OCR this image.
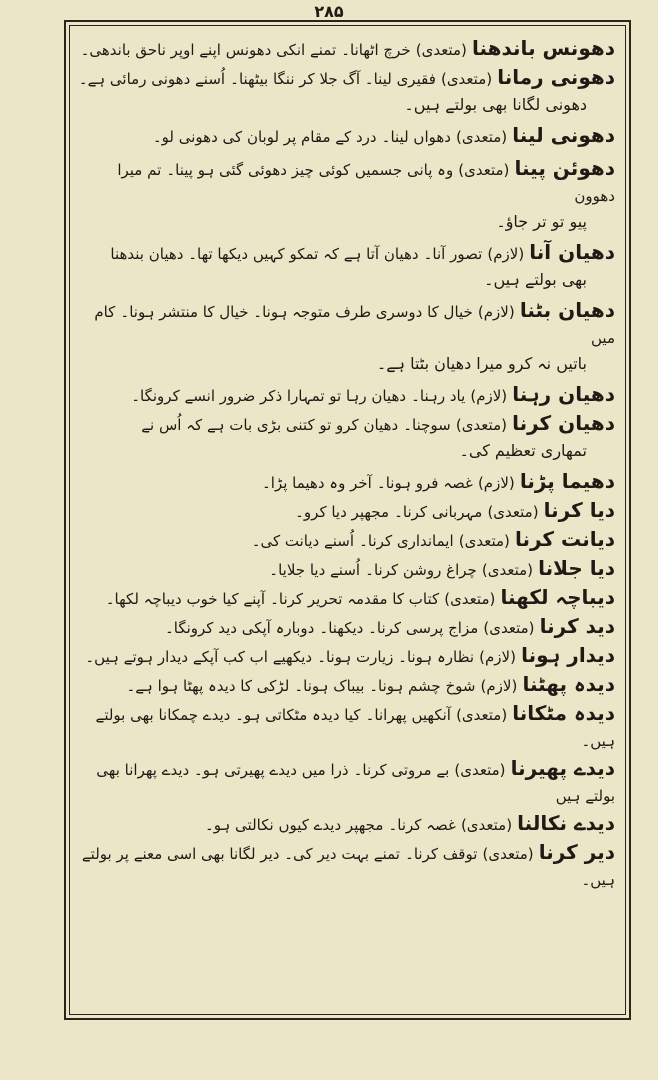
۲۸۵

دھونس باندھنا (متعدی) خرچ اٹھانا۔ تمنے انکی دھونس اپنے اوپر ناحق باندھی۔

دھونی رمانا (متعدی) فقیری لینا۔ آگ جلا کر ننگا بیٹھنا۔ اُسنے دھونی رمائی ہے۔

دھونی لگانا بھی بولتے ہیں۔

دھونی لینا (متعدی) دھواں لینا۔ درد کے مقام پر لوبان کی دھونی لو۔

دھوئن پینا (متعدی) وہ پانی جسمیں کوئی چیز دھوئی گئی ہو پینا۔ تم میرا دھوون

پیو تو تر جاؤ۔

دھیان آنا (لازم) تصور آنا۔ دھیان آتا ہے کہ تمکو کہیں دیکھا تھا۔ دھیان بندھنا

بھی بولتے ہیں۔

دھیان بٹنا (لازم) خیال کا دوسری طرف متوجہ ہونا۔ خیال کا منتشر ہونا۔ کام میں

باتیں نہ کرو میرا دھیان بٹتا ہے۔

دھیان رہنا (لازم) یاد رہنا۔ دھیان رہا تو تمہارا ذکر ضرور انسے کرونگا۔

دھیان کرنا (متعدی) سوچنا۔ دھیان کرو تو کتنی بڑی بات ہے کہ اُس نے

تمھاری تعظیم کی۔

دھیما پڑنا (لازم) غصہ فرو ہونا۔ آخر وہ دھیما پڑا۔

دیا کرنا (متعدی) مہربانی کرنا۔ مجھپر دیا کرو۔

دیانت کرنا (متعدی) ایمانداری کرنا۔ اُسنے دیانت کی۔

دیا جلانا (متعدی) چراغ روشن کرنا۔ اُسنے دیا جلایا۔

دیباچہ لکھنا (متعدی) کتاب کا مقدمہ تحریر کرنا۔ آپنے کیا خوب دیباچہ لکھا۔

دید کرنا (متعدی) مزاج پرسی کرنا۔ دیکھنا۔ دوبارہ آپکی دید کرونگا۔

دیدار ہونا (لازم) نظارہ ہونا۔ زیارت ہونا۔ دیکھیے اب کب آپکے دیدار ہوتے ہیں۔

دیدہ پھٹنا (لازم) شوخ چشم ہونا۔ بیباک ہونا۔ لڑکی کا دیدہ پھٹا ہوا ہے۔

دیدہ مٹکانا (متعدی) آنکھیں پھرانا۔ کیا دیدہ مٹکاتی ہو۔ دیدے چمکانا بھی بولتے ہیں۔

دیدے پھیرنا (متعدی) بے مروتی کرنا۔ ذرا میں دیدے پھیرتی ہو۔ دیدے پھرانا بھی بولتے ہیں

دیدے نکالنا (متعدی) غصہ کرنا۔ مجھپر دیدے کیوں نکالتی ہو۔

دیر کرنا (متعدی) توقف کرنا۔ تمنے بہت دیر کی۔ دیر لگانا بھی اسی معنے پر بولتے ہیں۔
